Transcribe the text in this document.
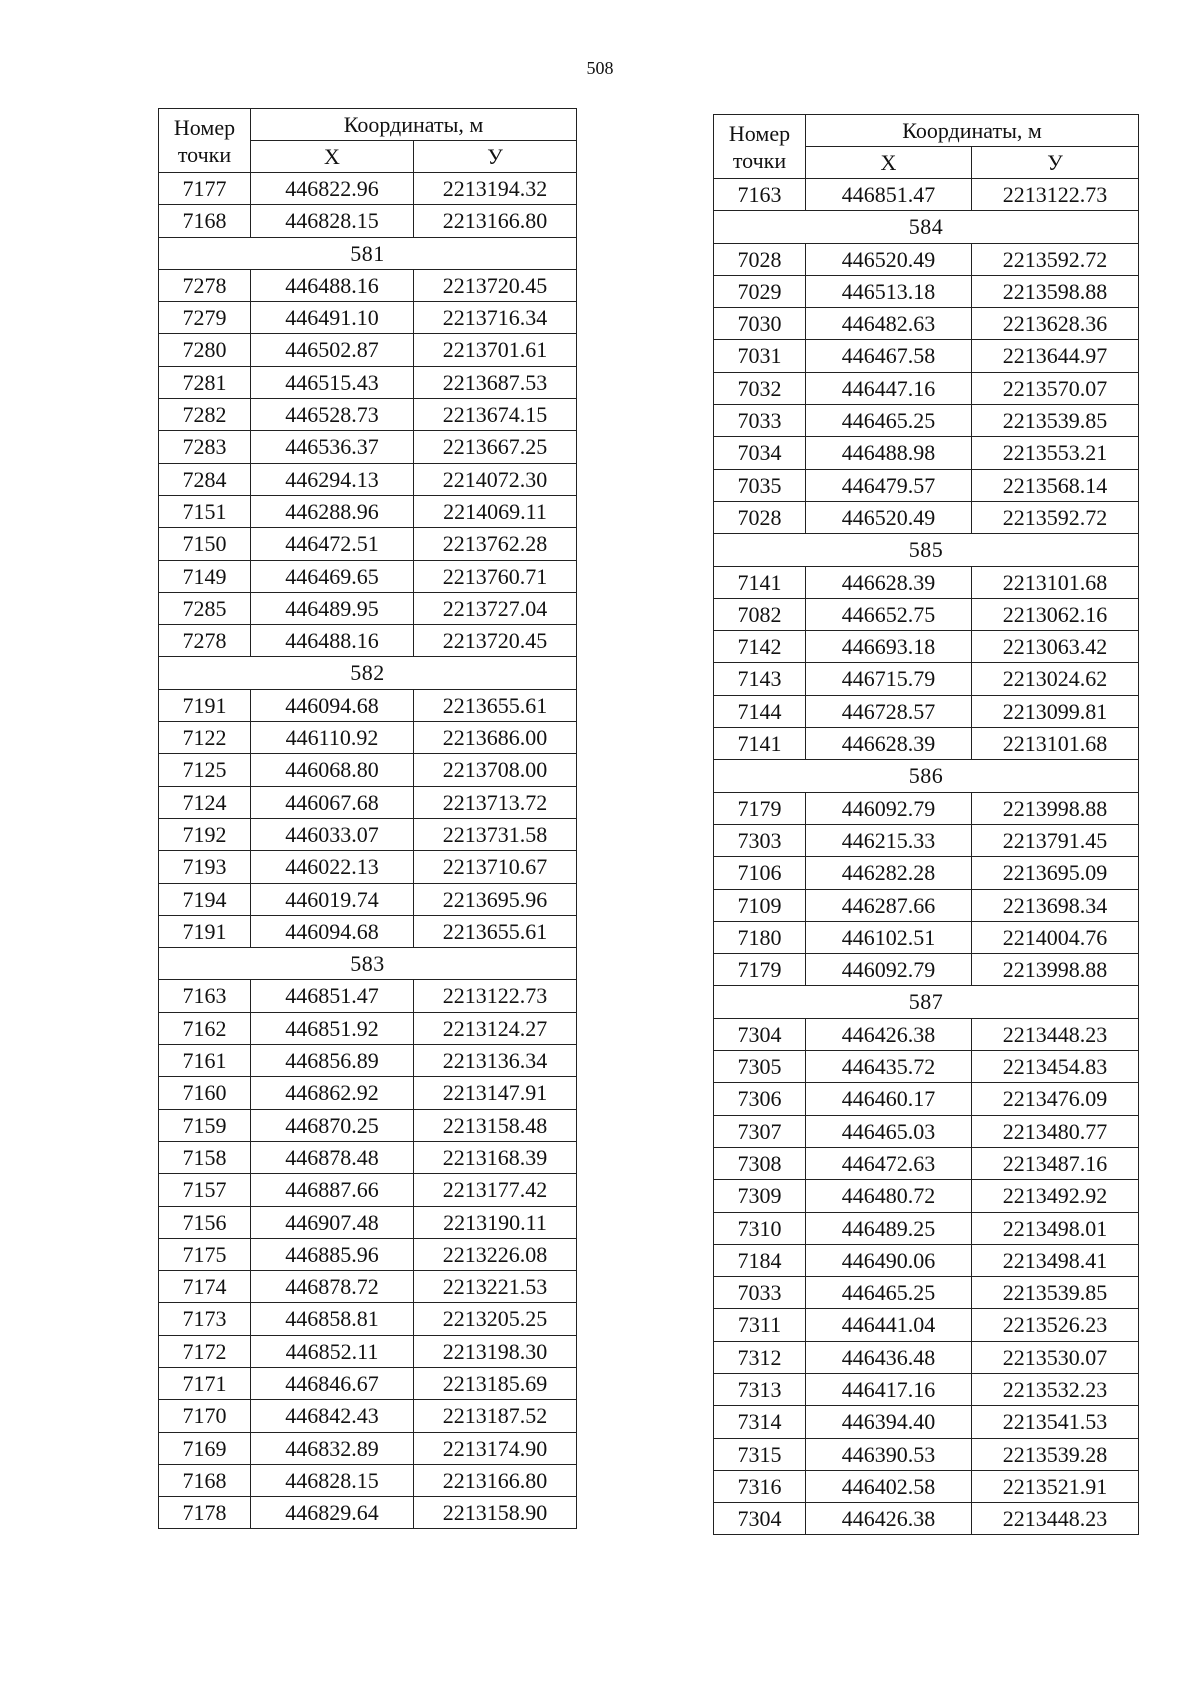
508
Номер точки	Координаты, м	
	X	У
7177	446822.96	2213194.32
7168	446828.15	2213166.80
581		
7278	446488.16	2213720.45
7279	446491.10	2213716.34
7280	446502.87	2213701.61
7281	446515.43	2213687.53
7282	446528.73	2213674.15
7283	446536.37	2213667.25
7284	446294.13	2214072.30
7151	446288.96	2214069.11
7150	446472.51	2213762.28
7149	446469.65	2213760.71
7285	446489.95	2213727.04
7278	446488.16	2213720.45
582		
7191	446094.68	2213655.61
7122	446110.92	2213686.00
7125	446068.80	2213708.00
7124	446067.68	2213713.72
7192	446033.07	2213731.58
7193	446022.13	2213710.67
7194	446019.74	2213695.96
7191	446094.68	2213655.61
583		
7163	446851.47	2213122.73
7162	446851.92	2213124.27
7161	446856.89	2213136.34
7160	446862.92	2213147.91
7159	446870.25	2213158.48
7158	446878.48	2213168.39
7157	446887.66	2213177.42
7156	446907.48	2213190.11
7175	446885.96	2213226.08
7174	446878.72	2213221.53
7173	446858.81	2213205.25
7172	446852.11	2213198.30
7171	446846.67	2213185.69
7170	446842.43	2213187.52
7169	446832.89	2213174.90
7168	446828.15	2213166.80
7178	446829.64	2213158.90
Номер точки	Координаты, м	
	X	У
7163	446851.47	2213122.73
584		
7028	446520.49	2213592.72
7029	446513.18	2213598.88
7030	446482.63	2213628.36
7031	446467.58	2213644.97
7032	446447.16	2213570.07
7033	446465.25	2213539.85
7034	446488.98	2213553.21
7035	446479.57	2213568.14
7028	446520.49	2213592.72
585		
7141	446628.39	2213101.68
7082	446652.75	2213062.16
7142	446693.18	2213063.42
7143	446715.79	2213024.62
7144	446728.57	2213099.81
7141	446628.39	2213101.68
586		
7179	446092.79	2213998.88
7303	446215.33	2213791.45
7106	446282.28	2213695.09
7109	446287.66	2213698.34
7180	446102.51	2214004.76
7179	446092.79	2213998.88
587		
7304	446426.38	2213448.23
7305	446435.72	2213454.83
7306	446460.17	2213476.09
7307	446465.03	2213480.77
7308	446472.63	2213487.16
7309	446480.72	2213492.92
7310	446489.25	2213498.01
7184	446490.06	2213498.41
7033	446465.25	2213539.85
7311	446441.04	2213526.23
7312	446436.48	2213530.07
7313	446417.16	2213532.23
7314	446394.40	2213541.53
7315	446390.53	2213539.28
7316	446402.58	2213521.91
7304	446426.38	2213448.23
